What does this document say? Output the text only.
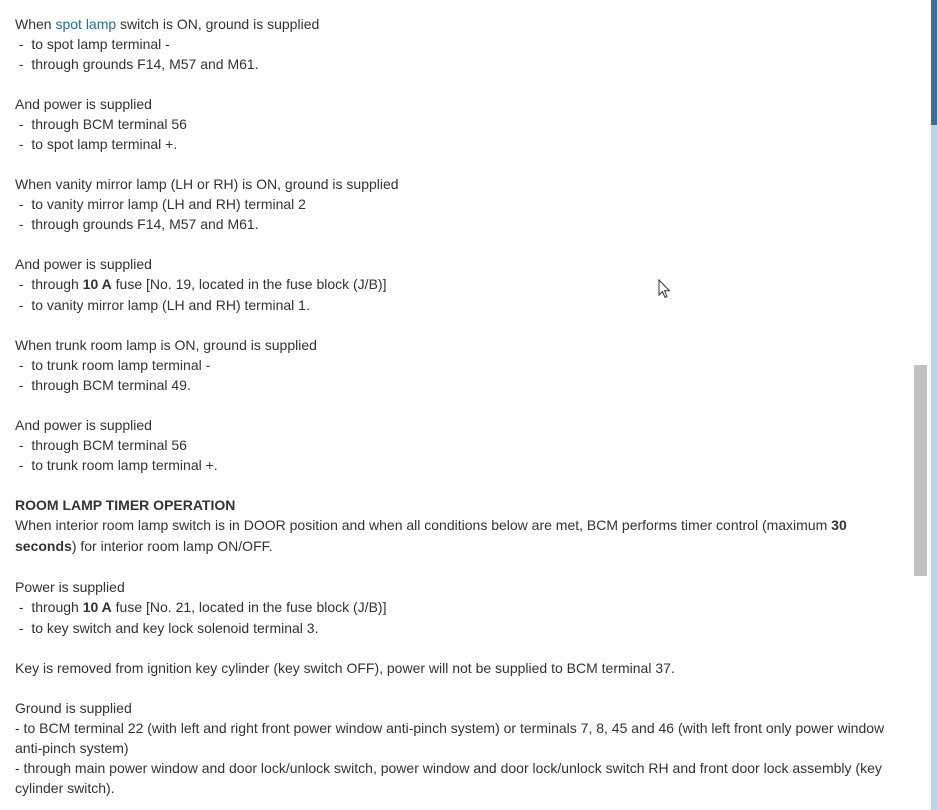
When spot lamp switch is ON, ground is supplied
-  to spot lamp terminal -
-  through grounds F14, M57 and M61.
And power is supplied
-  through BCM terminal 56
-  to spot lamp terminal +.
When vanity mirror lamp (LH or RH) is ON, ground is supplied
-  to vanity mirror lamp (LH and RH) terminal 2
-  through grounds F14, M57 and M61.
And power is supplied
-  through 10 A fuse [No. 19, located in the fuse block (J/B)]
-  to vanity mirror lamp (LH and RH) terminal 1.
When trunk room lamp is ON, ground is supplied
-  to trunk room lamp terminal -
-  through BCM terminal 49.
And power is supplied
-  through BCM terminal 56
-  to trunk room lamp terminal +.
ROOM LAMP TIMER OPERATION
When interior room lamp switch is in DOOR position and when all conditions below are met, BCM performs timer control (maximum 30 seconds) for interior room lamp ON/OFF.
Power is supplied
-  through 10 A fuse [No. 21, located in the fuse block (J/B)]
-  to key switch and key lock solenoid terminal 3.
Key is removed from ignition key cylinder (key switch OFF), power will not be supplied to BCM terminal 37.
Ground is supplied
- to BCM terminal 22 (with left and right front power window anti-pinch system) or terminals 7, 8, 45 and 46 (with left front only power window anti-pinch system)
- through main power window and door lock/unlock switch, power window and door lock/unlock switch RH and front door lock assembly (key cylinder switch).
